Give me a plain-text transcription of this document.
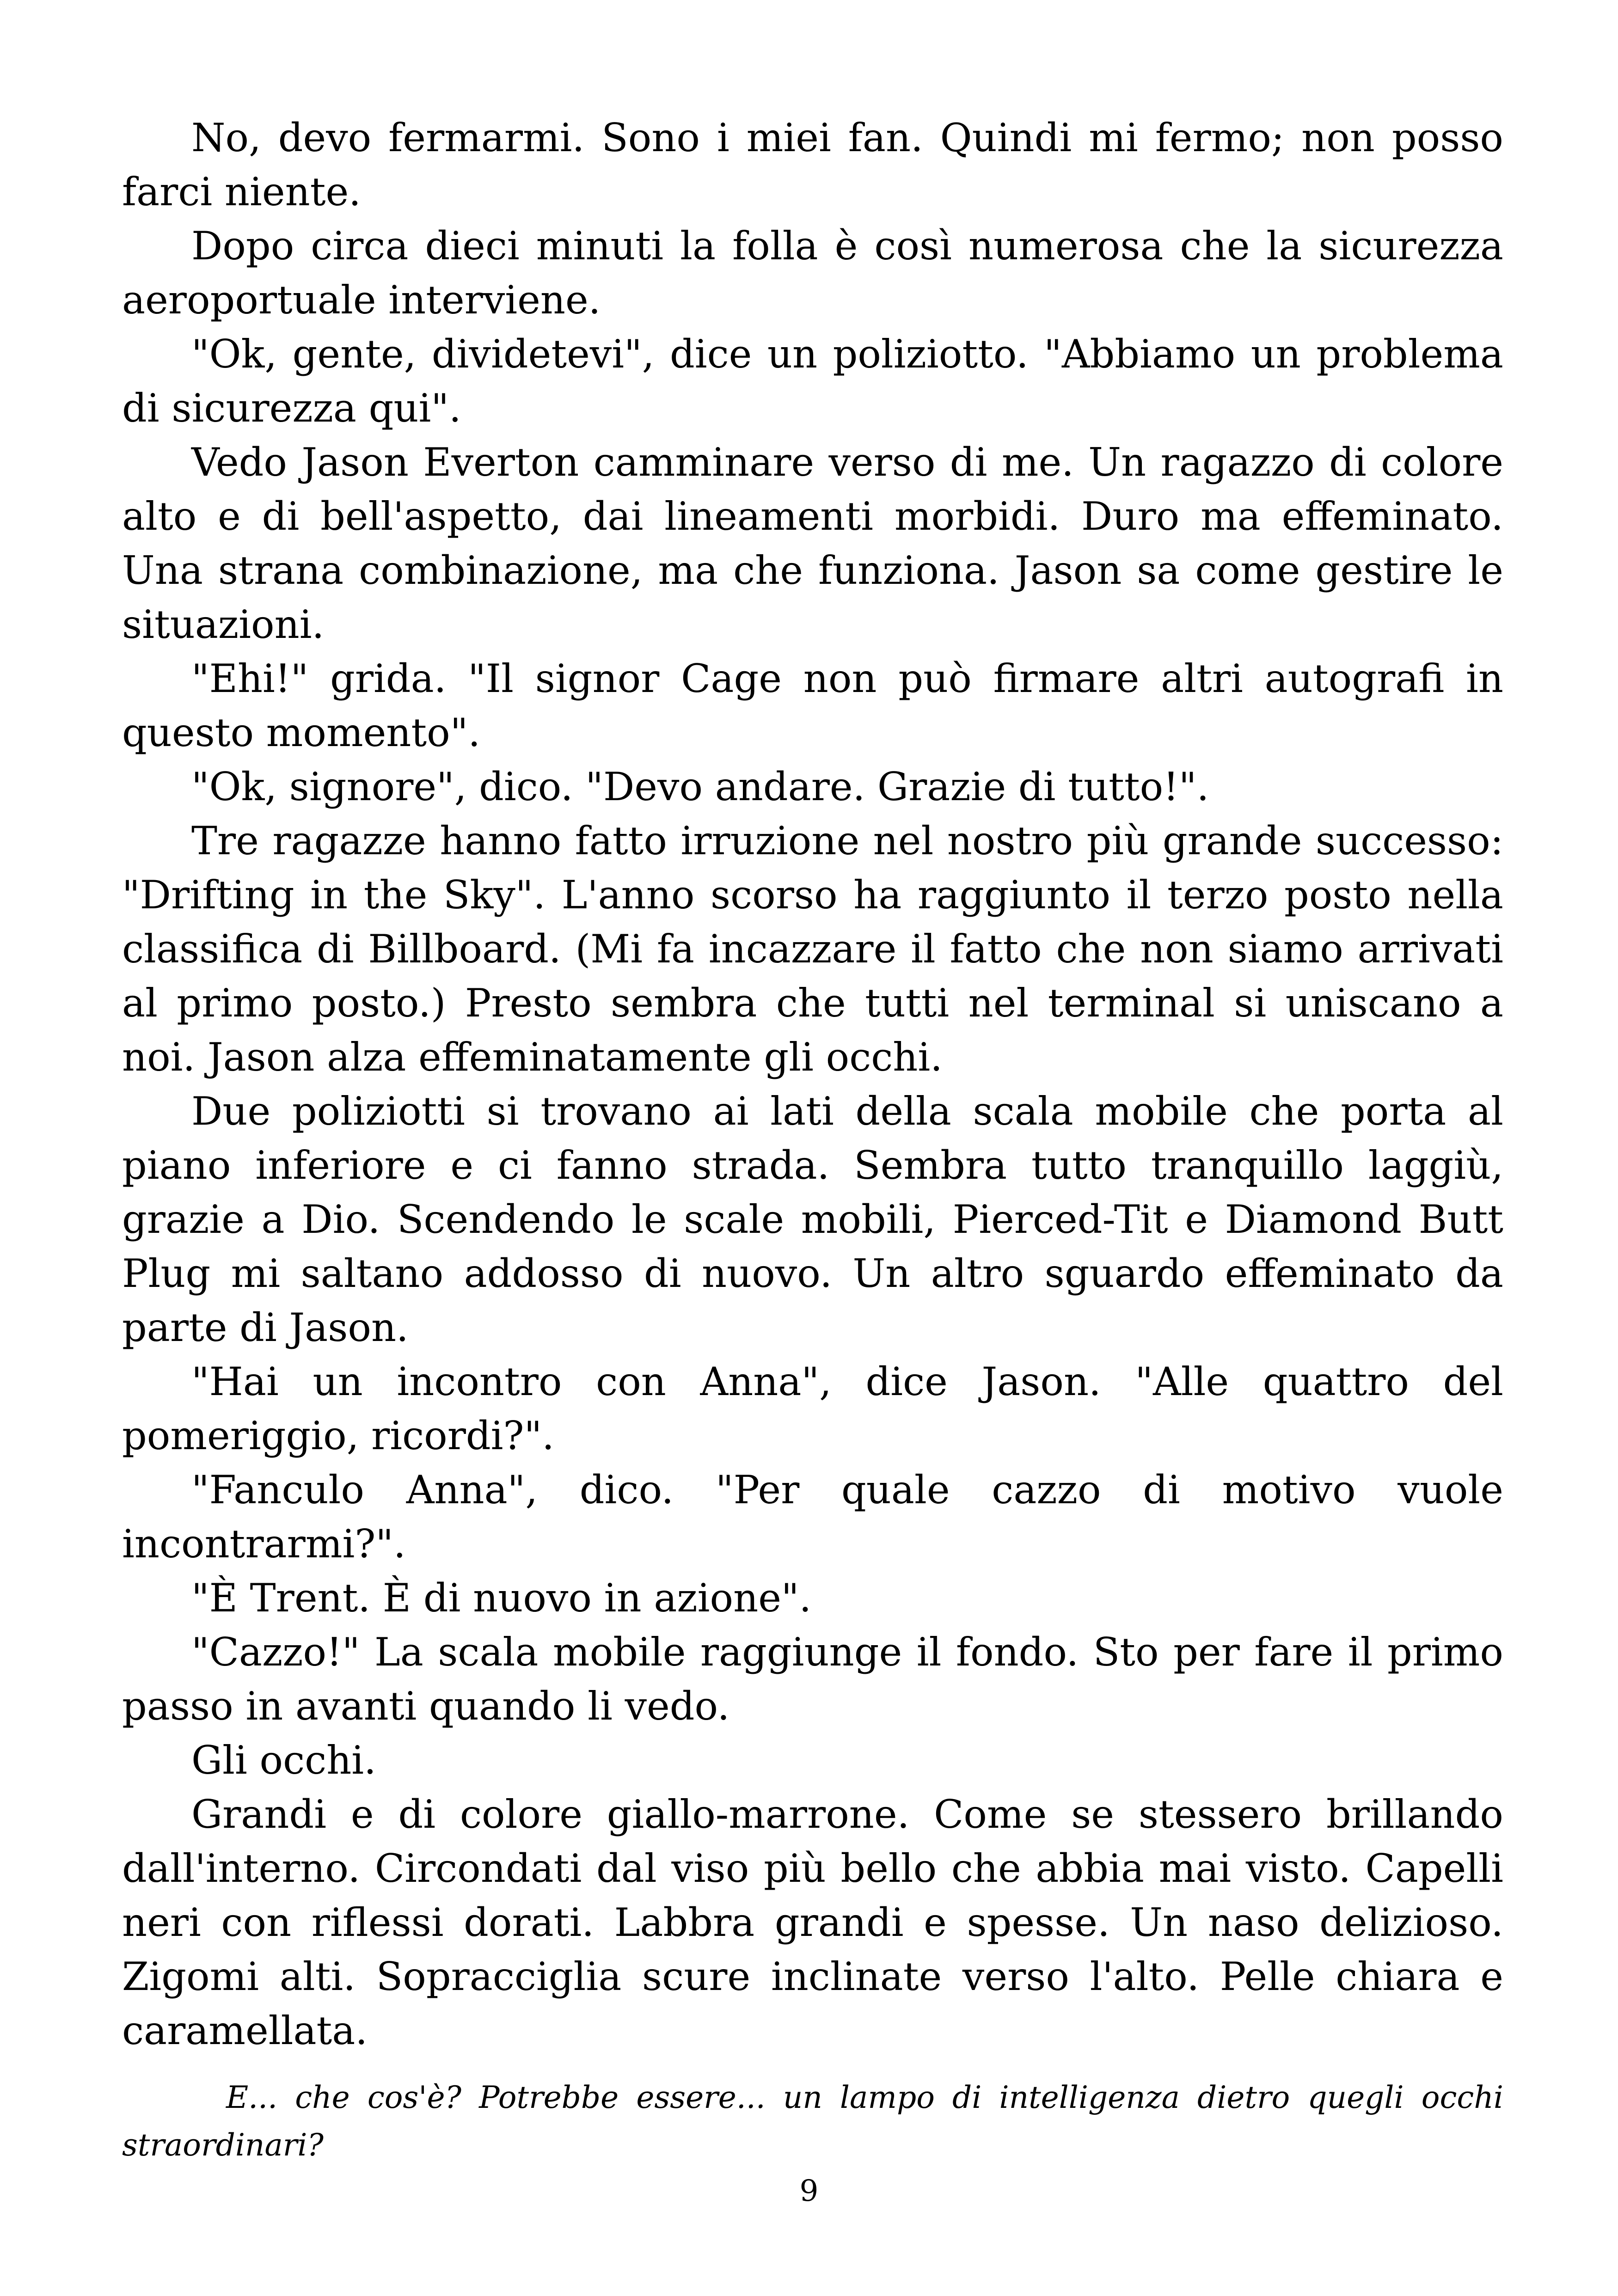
No, devo fermarmi. Sono i miei fan. Quindi mi fermo; non posso farci niente.

Dopo circa dieci minuti la folla è così numerosa che la sicurezza aeroportuale interviene.

"Ok, gente, dividetevi", dice un poliziotto. "Abbiamo un problema di sicurezza qui".

Vedo Jason Everton camminare verso di me. Un ragazzo di colore alto e di bell'aspetto, dai lineamenti morbidi. Duro ma effeminato. Una strana combinazione, ma che funziona. Jason sa come gestire le situazioni.

"Ehi!" grida. "Il signor Cage non può firmare altri autografi in questo momento".

"Ok, signore", dico. "Devo andare. Grazie di tutto!".

Tre ragazze hanno fatto irruzione nel nostro più grande successo: "Drifting in the Sky". L'anno scorso ha raggiunto il terzo posto nella classifica di Billboard. (Mi fa incazzare il fatto che non siamo arrivati al primo posto.) Presto sembra che tutti nel terminal si uniscano a noi. Jason alza effeminatamente gli occhi.

Due poliziotti si trovano ai lati della scala mobile che porta al piano inferiore e ci fanno strada. Sembra tutto tranquillo laggiù, grazie a Dio. Scendendo le scale mobili, Pierced-Tit e Diamond Butt Plug mi saltano addosso di nuovo. Un altro sguardo effeminato da parte di Jason.

"Hai un incontro con Anna", dice Jason. "Alle quattro del pomeriggio, ricordi?".

"Fanculo Anna", dico. "Per quale cazzo di motivo vuole incontrarmi?".

"È Trent. È di nuovo in azione".

"Cazzo!" La scala mobile raggiunge il fondo. Sto per fare il primo passo in avanti quando li vedo.

Gli occhi.

Grandi e di colore giallo-marrone. Come se stessero brillando dall'interno. Circondati dal viso più bello che abbia mai visto. Capelli neri con riflessi dorati. Labbra grandi e spesse. Un naso delizioso. Zigomi alti. Sopracciglia scure inclinate verso l'alto. Pelle chiara e caramellata.

E... che cos'è? Potrebbe essere... un lampo di intelligenza dietro quegli occhi straordinari?

9
